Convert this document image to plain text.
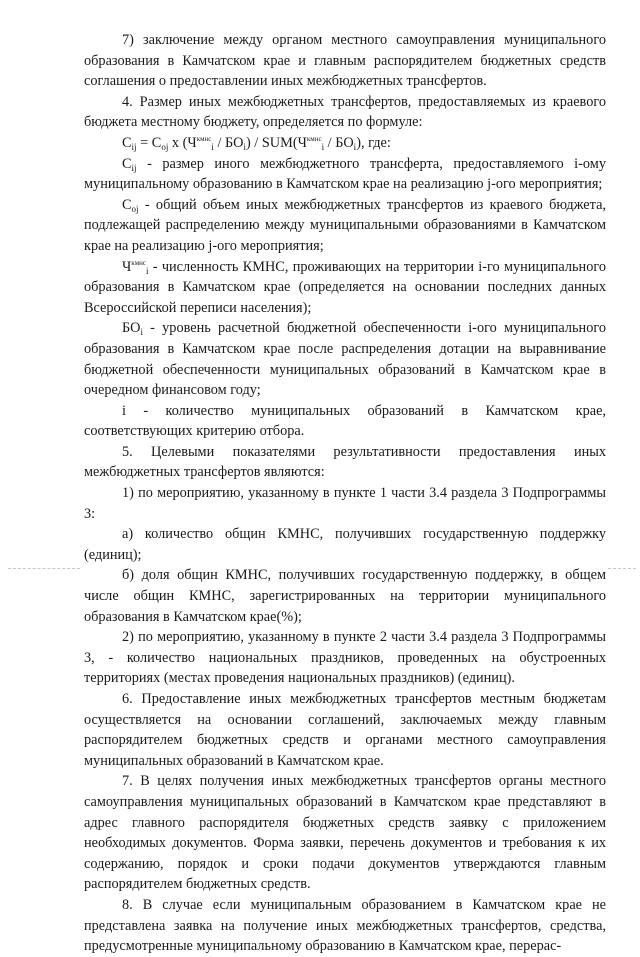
7) заключение между органом местного самоуправления муниципального образования в Камчатском крае и главным распорядителем бюджетных средств соглашения о предоставлении иных межбюджетных трансфертов.

4. Размер иных межбюджетных трансфертов, предоставляемых из краевого бюджета местному бюджету, определяется по формуле:

$C_{ij} = C_{oj}$ x $(Ч^{кмнс}_i / БО_i) / SUM(Ч^{кмнс}_i / БО_i)$, где:

$C_{ij}$ - размер иного межбюджетного трансферта, предоставляемого i-ому муниципальному образованию в Камчатском крае на реализацию j-ого мероприятия;

$C_{oj}$ - общий объем иных межбюджетных трансфертов из краевого бюджета, подлежащей распределению между муниципальными образованиями в Камчатском крае на реализацию j-ого мероприятия;

$Ч^{кмнс}_i$ - численность КМНС, проживающих на территории i-го муниципального образования в Камчатском крае (определяется на основании последних данных Всероссийской переписи населения);

$БО_i$ - уровень расчетной бюджетной обеспеченности i-ого муниципального образования в Камчатском крае после распределения дотации на выравнивание бюджетной обеспеченности муниципальных образований в Камчатском крае в очередном финансовом году;

i - количество муниципальных образований в Камчатском крае, соответствующих критерию отбора.

5. Целевыми показателями результативности предоставления иных межбюджетных трансфертов являются:

1) по мероприятию, указанному в пункте 1 части 3.4 раздела 3 Подпрограммы 3:

а) количество общин КМНС, получивших государственную поддержку (единиц);

б) доля общин КМНС, получивших государственную поддержку, в общем числе общин КМНС, зарегистрированных на территории муниципального образования в Камчатском крае(%);

2) по мероприятию, указанному в пункте 2 части 3.4 раздела 3 Подпрограммы 3, - количество национальных праздников, проведенных на обустроенных территориях (местах проведения национальных праздников) (единиц).

6. Предоставление иных межбюджетных трансфертов местным бюджетам осуществляется на основании соглашений, заключаемых между главным распорядителем бюджетных средств и органами местного самоуправления муниципальных образований в Камчатском крае.

7. В целях получения иных межбюджетных трансфертов органы местного самоуправления муниципальных образований в Камчатском крае представляют в адрес главного распорядителя бюджетных средств заявку с приложением необходимых документов. Форма заявки, перечень документов и требования к их содержанию, порядок и сроки подачи документов утверждаются главным распорядителем бюджетных средств.

8. В случае если муниципальным образованием в Камчатском крае не представлена заявка на получение иных межбюджетных трансфертов, средства, предусмотренные муниципальному образованию в Камчатском крае, перерас-
